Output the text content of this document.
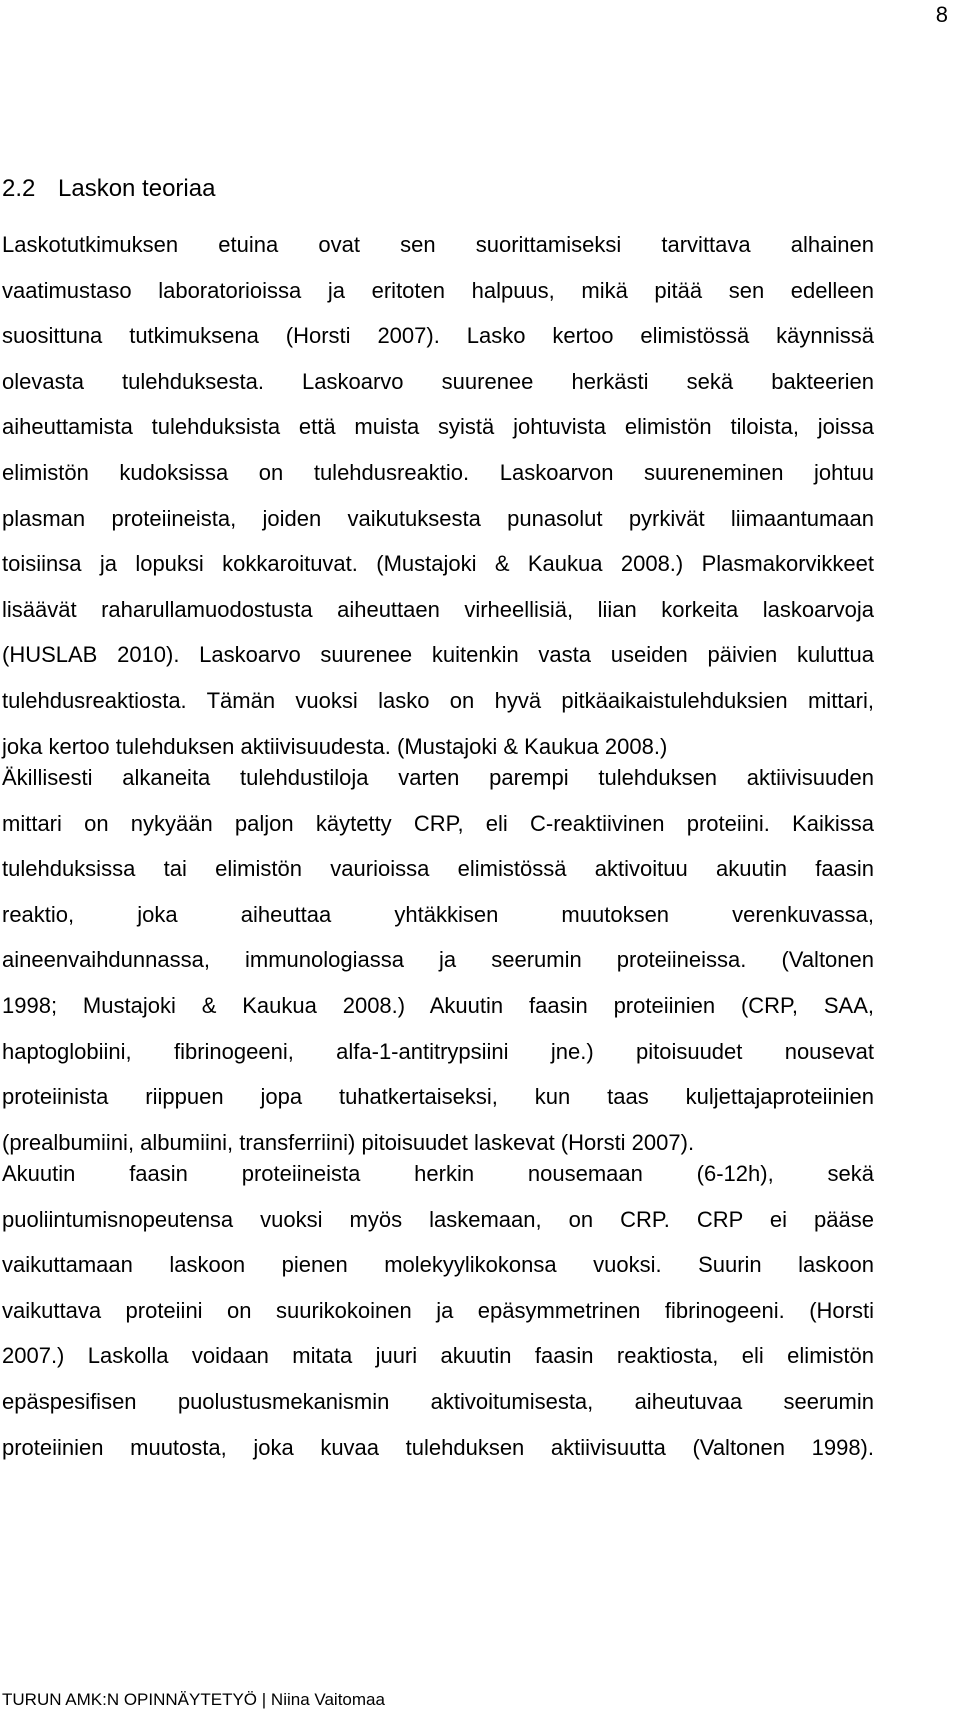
8
2.2 Laskon teoriaa
Laskotutkimuksen etuina ovat sen suorittamiseksi tarvittava alhainen
vaatimustaso laboratorioissa ja eritoten halpuus, mikä pitää sen edelleen
suosittuna tutkimuksena (Horsti 2007). Lasko kertoo elimistössä käynnissä
olevasta tulehduksesta. Laskoarvo suurenee herkästi sekä bakteerien
aiheuttamista tulehduksista että muista syistä johtuvista elimistön tiloista, joissa
elimistön kudoksissa on tulehdusreaktio. Laskoarvon suureneminen johtuu
plasman proteiineista, joiden vaikutuksesta punasolut pyrkivät liimaantumaan
toisiinsa ja lopuksi kokkaroituvat. (Mustajoki & Kaukua 2008.) Plasmakorvikkeet
lisäävät raharullamuodostusta aiheuttaen virheellisiä, liian korkeita laskoarvoja
(HUSLAB 2010). Laskoarvo suurenee kuitenkin vasta useiden päivien kuluttua
tulehdusreaktiosta. Tämän vuoksi lasko on hyvä pitkäaikaistulehduksien mittari,
joka kertoo tulehduksen aktiivisuudesta. (Mustajoki & Kaukua 2008.)
Äkillisesti alkaneita tulehdustiloja varten parempi tulehduksen aktiivisuuden
mittari on nykyään paljon käytetty CRP, eli C-reaktiivinen proteiini. Kaikissa
tulehduksissa tai elimistön vaurioissa elimistössä aktivoituu akuutin faasin
reaktio, joka aiheuttaa yhtäkkisen muutoksen verenkuvassa,
aineenvaihdunnassa, immunologiassa ja seerumin proteiineissa. (Valtonen
1998; Mustajoki & Kaukua 2008.) Akuutin faasin proteiinien (CRP, SAA,
haptoglobiini, fibrinogeeni, alfa-1-antitrypsiini jne.) pitoisuudet nousevat
proteiinista riippuen jopa tuhatkertaiseksi, kun taas kuljettajaproteiinien
(prealbumiini, albumiini, transferriini) pitoisuudet laskevat (Horsti 2007).
Akuutin faasin proteiineista herkin nousemaan (6-12h), sekä
puoliintumisnopeutensa vuoksi myös laskemaan, on CRP. CRP ei pääse
vaikuttamaan laskoon pienen molekyylikokonsa vuoksi. Suurin laskoon
vaikuttava proteiini on suurikokoinen ja epäsymmetrinen fibrinogeeni. (Horsti
2007.) Laskolla voidaan mitata juuri akuutin faasin reaktiosta, eli elimistön
epäspesifisen puolustusmekanismin aktivoitumisesta, aiheutuvaa seerumin
proteiinien muutosta, joka kuvaa tulehduksen aktiivisuutta (Valtonen 1998).
TURUN AMK:N OPINNÄYTETYÖ | Niina Vaitomaa
